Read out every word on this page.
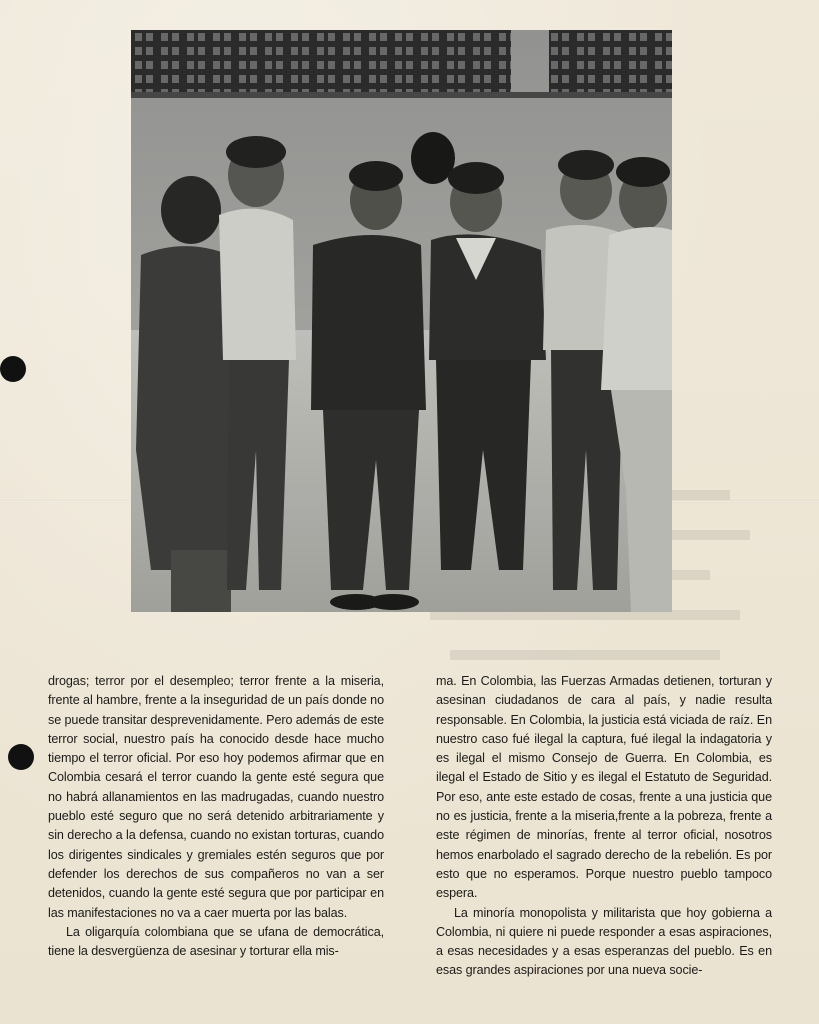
drogas; terror por el desempleo; terror frente a la miseria, frente al hambre, frente a la inseguridad de un país donde no se puede transitar desprevenidamente. Pero además de este terror social, nuestro país ha conocido desde hace mucho tiempo el terror oficial. Por eso hoy podemos afirmar que en Colombia cesará el terror cuando la gente esté segura que no habrá allanamientos en las madrugadas, cuando nuestro pueblo esté seguro que no será detenido arbitrariamente y sin derecho a la defensa, cuando no existan torturas, cuando los dirigentes sindicales y gremiales estén seguros que por defender los derechos de sus compañeros no van a ser detenidos, cuando la gente esté segura que por participar en las manifestaciones no va a caer muerta por las balas.

La oligarquía colombiana que se ufana de democrática, tiene la desvergüenza de asesinar y torturar ella mis-

ma. En Colombia, las Fuerzas Armadas detienen, torturan y asesinan ciudadanos de cara al país, y nadie resulta responsable. En Colombia, la justicia está viciada de raíz. En nuestro caso fué ilegal la captura, fué ilegal la indagatoria y es ilegal el mismo Consejo de Guerra. En Colombia, es ilegal el Estado de Sitio y es ilegal el Estatuto de Seguridad. Por eso, ante este estado de cosas, frente a una justicia que no es justicia, frente a la miseria,frente a la pobreza, frente a este régimen de minorías, frente al terror oficial, nosotros hemos enarbolado el sagrado derecho de la rebelión. Es por esto que no esperamos. Porque nuestro pueblo tampoco espera.

La minoría monopolista y militarista que hoy gobierna a Colombia, ni quiere ni puede responder a esas aspiraciones, a esas necesidades y a esas esperanzas del pueblo. Es en esas grandes aspiraciones por una nueva socie-
